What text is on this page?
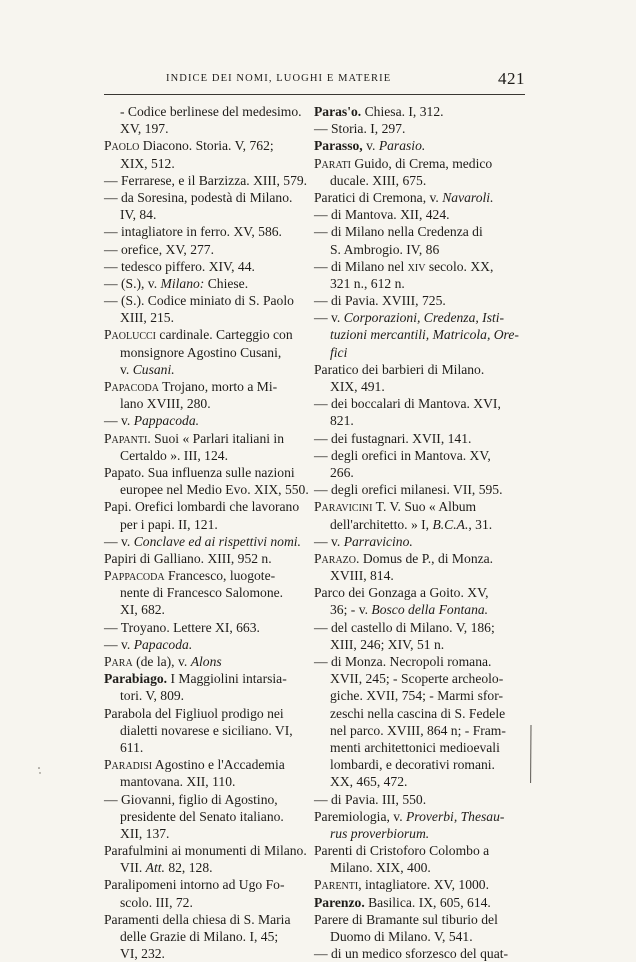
INDICE DEI NOMI, LUOGHI E MATERIE	421
- Codice berlinese del medesimo.
XV, 197.
Paolo Diacono. Storia. V, 762;
XIX, 512.
— Ferrarese, e il Barzizza. XIII, 579.
— da Soresina, podestà di Milano.
IV, 84.
— intagliatore in ferro. XV, 586.
— orefice, XV, 277.
— tedesco piffero. XIV, 44.
— (S.), v. Milano: Chiese.
— (S.). Codice miniato di S. Paolo
XIII, 215.
Paolucci cardinale. Carteggio con
monsignore Agostino Cusani,
v. Cusani.
Papacoda Trojano, morto a Mi-
lano XVIII, 280.
— v. Pappacoda.
Papanti. Suoi « Parlari italiani in
Certaldo ». III, 124.
Papato. Sua influenza sulle nazioni
europee nel Medio Evo. XIX, 550.
Papi. Orefici lombardi che lavorano
per i papi. II, 121.
— v. Conclave ed ai rispettivi nomi.
Papiri di Galliano. XIII, 952 n.
Pappacoda Francesco, luogote-
nente di Francesco Salomone.
XI, 682.
— Troyano. Lettere XI, 663.
— v. Papacoda.
Para (de la), v. Alons
Parabiago. I Maggiolini intarsia-
tori. V, 809.
Parabola del Figliuol prodigo nei
dialetti novarese e siciliano. VI,
611.
Paradisi Agostino e l'Accademia
mantovana. XII, 110.
— Giovanni, figlio di Agostino,
presidente del Senato italiano.
XII, 137.
Parafulmini ai monumenti di Milano.
VII. Att. 82, 128.
Paralipomeni intorno ad Ugo Fo-
scolo. III, 72.
Paramenti della chiesa di S. Maria
delle Grazie di Milano. I, 45;
VI, 232.
Paras'o. Chiesa. I, 312.
— Storia. I, 297.
Parasso, v. Parasio.
Parati Guido, di Crema, medico
ducale. XIII, 675.
Paratici di Cremona, v. Navaroli.
— di Mantova. XII, 424.
— di Milano nella Credenza di
S. Ambrogio. IV, 86
— di Milano nel xiv secolo. XX,
321 n., 612 n.
— di Pavia. XVIII, 725.
— v. Corporazioni, Credenza, Isti-
tuzioni mercantili, Matricola, Ore-
fici
Paratico dei barbieri di Milano.
XIX, 491.
— dei boccalari di Mantova. XVI,
821.
— dei fustagnari. XVII, 141.
— degli orefici in Mantova. XV,
266.
— degli orefici milanesi. VII, 595.
Paravicini T. V. Suo « Album
dell'architetto. » I, B.C.A., 31.
— v. Parravicino.
Parazo. Domus de P., di Monza.
XVIII, 814.
Parco dei Gonzaga a Goito. XV,
36; - v. Bosco della Fontana.
— del castello di Milano. V, 186;
XIII, 246; XIV, 51 n.
— di Monza. Necropoli romana.
XVII, 245; - Scoperte archeolo-
giche. XVII, 754; - Marmi sfor-
zeschi nella cascina di S. Fedele
nel parco. XVIII, 864 n; - Fram-
menti architettonici medioevali
lombardi, e decorativi romani.
XX, 465, 472.
— di Pavia. III, 550.
Paremiologia, v. Proverbi, Thesau-
rus proverbiorum.
Parenti di Cristoforo Colombo a
Milano. XIX, 400.
Parenti, intagliatore. XV, 1000.
Parenzo. Basilica. IX, 605, 614.
Parere di Bramante sul tiburio del
Duomo di Milano. V, 541.
— di un medico sforzesco del quat-
